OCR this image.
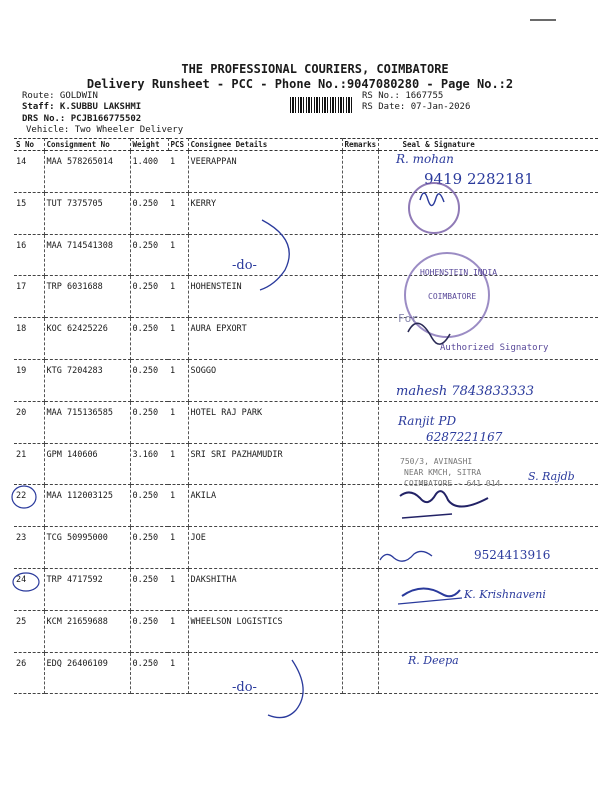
THE PROFESSIONAL COURIERS, COIMBATORE
Delivery Runsheet - PCC - Phone No.:9047080280 - Page No.:2
Route: GOLDWIN
Staff: K.SUBBU LAKSHMI
DRS No.: PCJB166775502
Vehicle: Two Wheeler Delivery
RS No.: 1667755
RS Date: 07-Jan-2026
S No	Consignment No	Weight	PCS	Consignee Details	Remarks	Seal & Signature
14	MAA 578265014	1.400	1	VEERAPPAN		
15	TUT 7375705	0.250	1	KERRY		
16	MAA 714541308	0.250	1			
17	TRP 6031688	0.250	1	HOHENSTEIN		
18	KOC 62425226	0.250	1	AURA EPXORT		
19	KTG 7204283	0.250	1	SOGGO		
20	MAA 715136585	0.250	1	HOTEL RAJ PARK		
21	GPM 140606	3.160	1	SRI SRI PAZHAMUDIR		
22	MAA 112003125	0.250	1	AKILA		
23	TCG 50995000	0.250	1	JOE		
24	TRP 4717592	0.250	1	DAKSHITHA		
25	KCM 21659688	0.250	1	WHEELSON LOGISTICS		
26	EDQ 26406109	0.250	1			
R. mohan
9419 2282181
-do-	HOHENSTEIN INDIA
COIMBATORE
For
Authorized Signatory
mahesh 7843833333
Ranjit PD
6287221167
750/3, AVINASHI
NEAR KMCH, SITRA
COIMBATORE - 641 014
S. Rajdb
9524413916
K. Krishnaveni
R. Deepa
-do-
